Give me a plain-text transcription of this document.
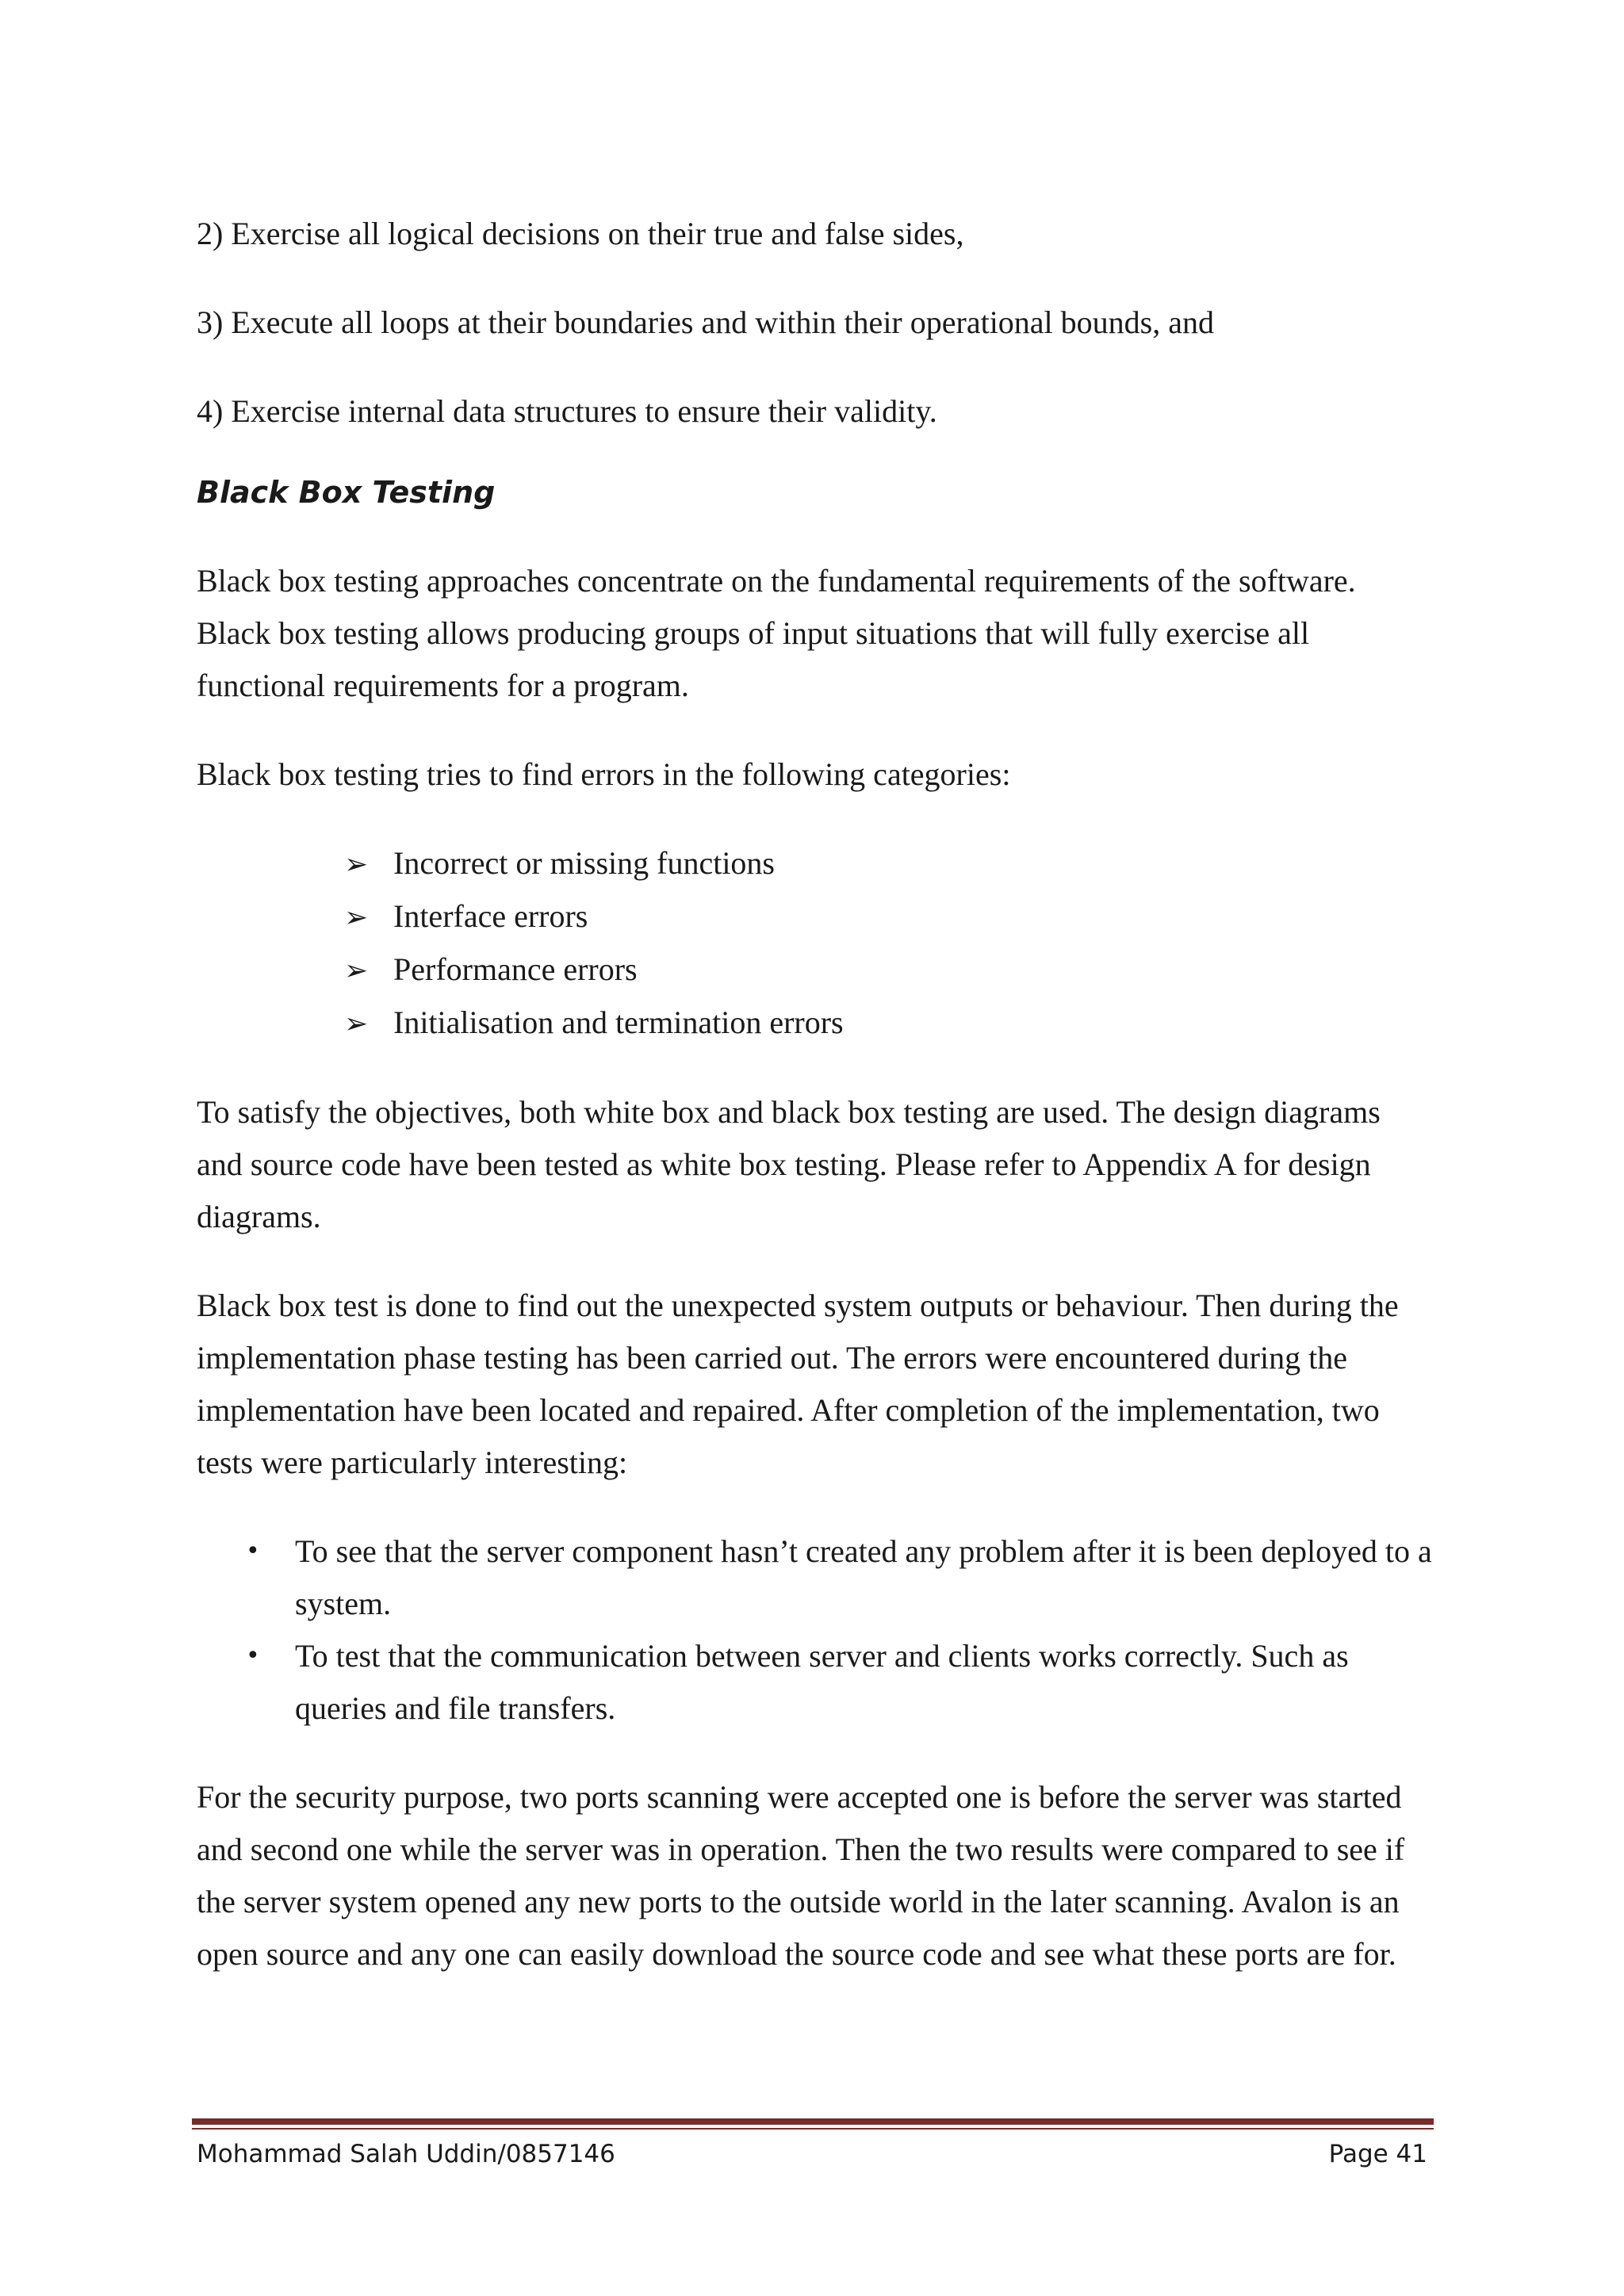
2) Exercise all logical decisions on their true and false sides,

3) Execute all loops at their boundaries and within their operational bounds, and

4) Exercise internal data structures to ensure their validity.

Black Box Testing

Black box testing approaches concentrate on the fundamental requirements of the software. Black box testing allows producing groups of input situations that will fully exercise all functional requirements for a program.

Black box testing tries to find errors in the following categories:

➢ Incorrect or missing functions
➢ Interface errors
➢ Performance errors
➢ Initialisation and termination errors

To satisfy the objectives, both white box and black box testing are used. The design diagrams and source code have been tested as white box testing. Please refer to Appendix A for design diagrams.

Black box test is done to find out the unexpected system outputs or behaviour. Then during the implementation phase testing has been carried out. The errors were encountered during the implementation have been located and repaired. After completion of the implementation, two tests were particularly interesting:

•	To see that the server component hasn’t created any problem after it is been deployed to a system.
•	To test that the communication between server and clients works correctly. Such as queries and file transfers.

For the security purpose, two ports scanning were accepted one is before the server was started and second one while the server was in operation. Then the two results were compared to see if the server system opened any new ports to the outside world in the later scanning. Avalon is an open source and any one can easily download the source code and see what these ports are for.

Mohammad Salah Uddin/0857146	Page 41
